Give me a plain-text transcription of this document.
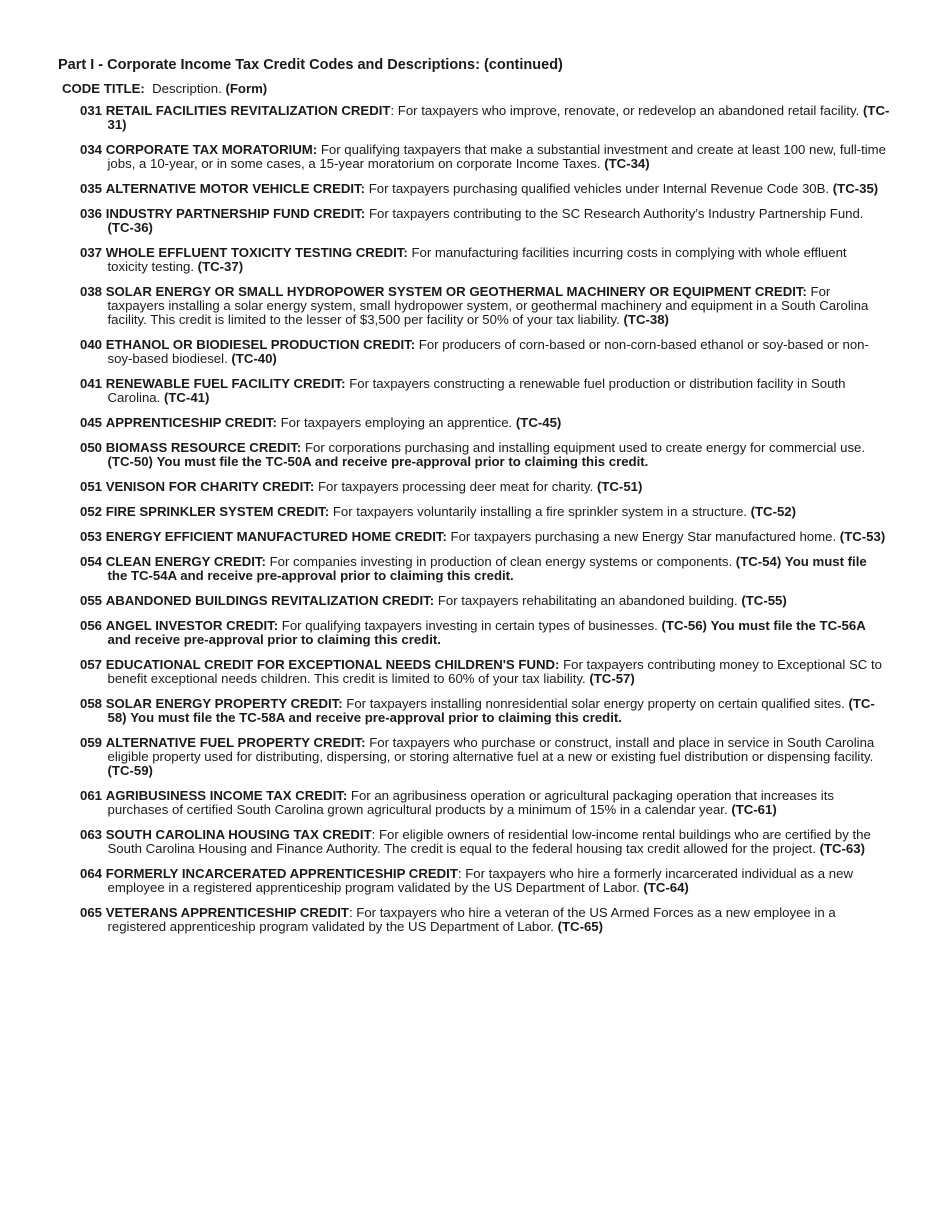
Part I - Corporate Income Tax Credit Codes and Descriptions: (continued)

CODE TITLE: Description. (Form)

031 RETAIL FACILITIES REVITALIZATION CREDIT: For taxpayers who improve, renovate, or redevelop an abandoned retail facility. (TC-31)
034 CORPORATE TAX MORATORIUM: For qualifying taxpayers that make a substantial investment and create at least 100 new, full-time jobs, a 10-year, or in some cases, a 15-year moratorium on corporate Income Taxes. (TC-34)
035 ALTERNATIVE MOTOR VEHICLE CREDIT: For taxpayers purchasing qualified vehicles under Internal Revenue Code 30B. (TC-35)
036 INDUSTRY PARTNERSHIP FUND CREDIT: For taxpayers contributing to the SC Research Authority’s Industry Partnership Fund. (TC-36)
037 WHOLE EFFLUENT TOXICITY TESTING CREDIT: For manufacturing facilities incurring costs in complying with whole effluent toxicity testing. (TC-37)
038 SOLAR ENERGY OR SMALL HYDROPOWER SYSTEM OR GEOTHERMAL MACHINERY OR EQUIPMENT CREDIT: For taxpayers installing a solar energy system, small hydropower system, or geothermal machinery and equipment in a South Carolina facility. This credit is limited to the lesser of $3,500 per facility or 50% of your tax liability. (TC-38)
040 ETHANOL OR BIODIESEL PRODUCTION CREDIT: For producers of corn-based or non-corn-based ethanol or soy-based or non-soy-based biodiesel. (TC-40)
041 RENEWABLE FUEL FACILITY CREDIT: For taxpayers constructing a renewable fuel production or distribution facility in South Carolina. (TC-41)
045 APPRENTICESHIP CREDIT: For taxpayers employing an apprentice. (TC-45)
050 BIOMASS RESOURCE CREDIT: For corporations purchasing and installing equipment used to create energy for commercial use. (TC-50) You must file the TC-50A and receive pre-approval prior to claiming this credit.
051 VENISON FOR CHARITY CREDIT: For taxpayers processing deer meat for charity. (TC-51)
052 FIRE SPRINKLER SYSTEM CREDIT: For taxpayers voluntarily installing a fire sprinkler system in a structure. (TC-52)
053 ENERGY EFFICIENT MANUFACTURED HOME CREDIT: For taxpayers purchasing a new Energy Star manufactured home. (TC-53)
054 CLEAN ENERGY CREDIT: For companies investing in production of clean energy systems or components. (TC-54) You must file the TC-54A and receive pre-approval prior to claiming this credit.
055 ABANDONED BUILDINGS REVITALIZATION CREDIT: For taxpayers rehabilitating an abandoned building. (TC-55)
056 ANGEL INVESTOR CREDIT: For qualifying taxpayers investing in certain types of businesses. (TC-56) You must file the TC-56A and receive pre-approval prior to claiming this credit.
057 EDUCATIONAL CREDIT FOR EXCEPTIONAL NEEDS CHILDREN'S FUND: For taxpayers contributing money to Exceptional SC to benefit exceptional needs children. This credit is limited to 60% of your tax liability. (TC-57)
058 SOLAR ENERGY PROPERTY CREDIT: For taxpayers installing nonresidential solar energy property on certain qualified sites. (TC-58) You must file the TC-58A and receive pre-approval prior to claiming this credit.
059 ALTERNATIVE FUEL PROPERTY CREDIT: For taxpayers who purchase or construct, install and place in service in South Carolina eligible property used for distributing, dispersing, or storing alternative fuel at a new or existing fuel distribution or dispensing facility. (TC-59)
061 AGRIBUSINESS INCOME TAX CREDIT: For an agribusiness operation or agricultural packaging operation that increases its purchases of certified South Carolina grown agricultural products by a minimum of 15% in a calendar year. (TC-61)
063 SOUTH CAROLINA HOUSING TAX CREDIT: For eligible owners of residential low-income rental buildings who are certified by the South Carolina Housing and Finance Authority. The credit is equal to the federal housing tax credit allowed for the project. (TC-63)
064 FORMERLY INCARCERATED APPRENTICESHIP CREDIT: For taxpayers who hire a formerly incarcerated individual as a new employee in a registered apprenticeship program validated by the US Department of Labor. (TC-64)
065 VETERANS APPRENTICESHIP CREDIT: For taxpayers who hire a veteran of the US Armed Forces as a new employee in a registered apprenticeship program validated by the US Department of Labor. (TC-65)
